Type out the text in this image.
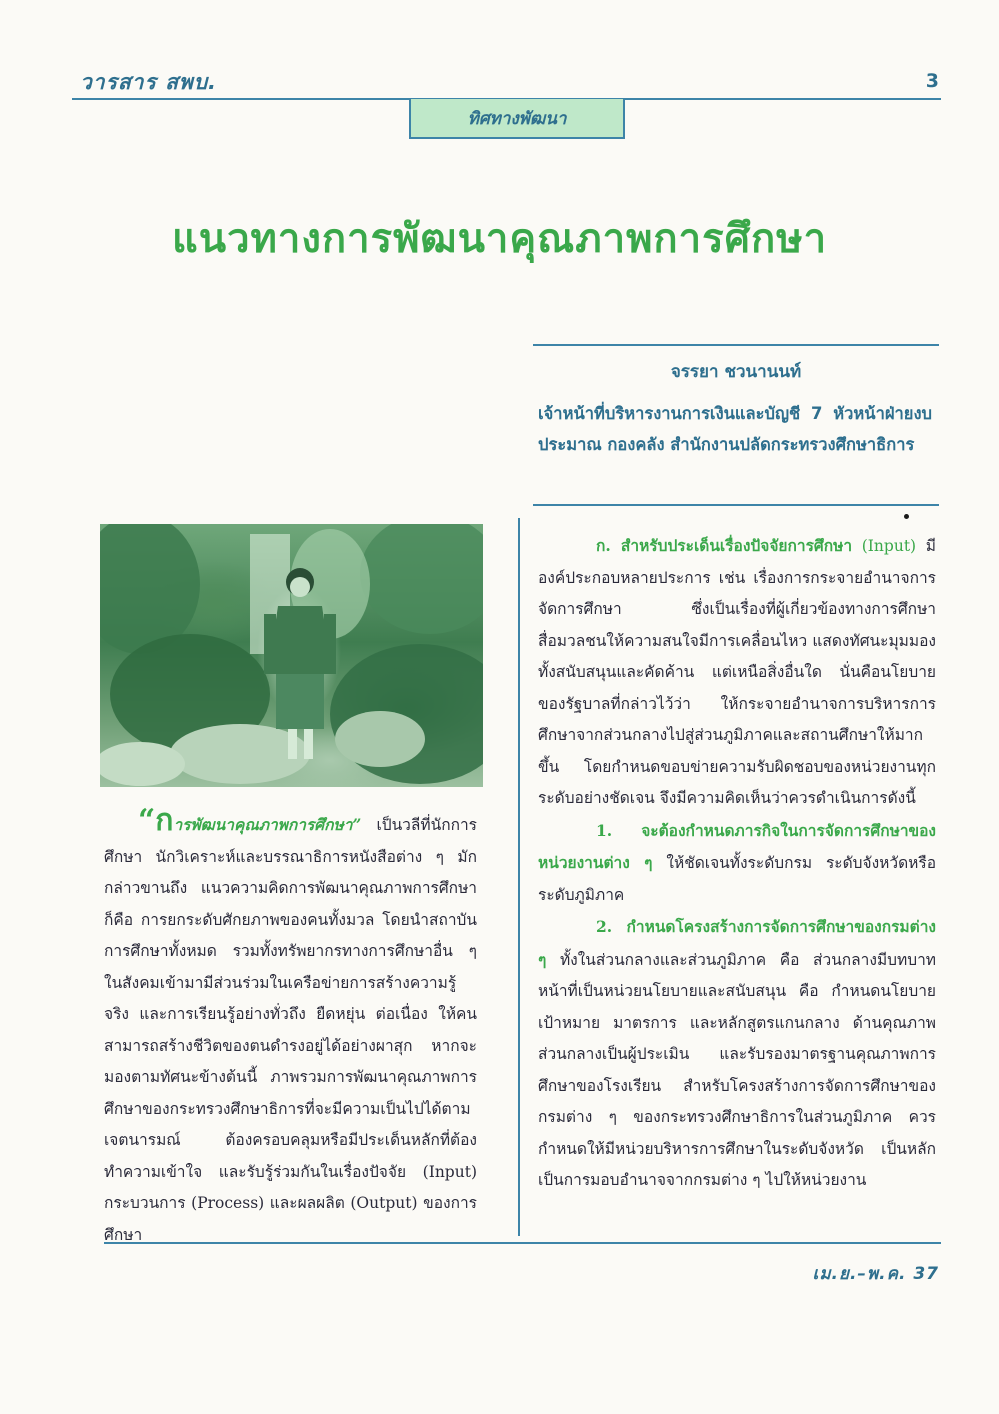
วารสาร สพบ.	3
ทิศทางพัฒนา
แนวทางการพัฒนาคุณภาพการศึกษา
จรรยา ชวนานนท์
เจ้าหน้าที่บริหารงานการเงินและบัญชี 7 หัวหน้าฝ่ายงบประมาณ กองคลัง สำนักงานปลัดกระทรวงศึกษาธิการ
“การพัฒนาคุณภาพการศึกษา” เป็นวลีที่นักการศึกษา นักวิเคราะห์และบรรณาธิการหนังสือต่าง ๆ มักกล่าวขานถึง แนวความคิดการพัฒนาคุณภาพการศึกษา ก็คือ การยกระดับศักยภาพของคนทั้งมวล โดยนำสถาบันการศึกษาทั้งหมด รวมทั้งทรัพยากรทางการศึกษาอื่น ๆ ในสังคมเข้ามามีส่วนร่วมในเครือข่ายการสร้างความรู้จริง และการเรียนรู้อย่างทั่วถึง ยืดหยุ่น ต่อเนื่อง ให้คนสามารถสร้างชีวิตของตนดำรงอยู่ได้อย่างผาสุก หากจะมองตามทัศนะข้างต้นนี้ ภาพรวมการพัฒนาคุณภาพการศึกษาของกระทรวงศึกษาธิการที่จะมีความเป็นไปได้ตามเจตนารมณ์ ต้องครอบคลุมหรือมีประเด็นหลักที่ต้องทำความเข้าใจ และรับรู้ร่วมกันในเรื่องปัจจัย (Input) กระบวนการ (Process) และผลผลิต (Output) ของการศึกษา

ก. สำหรับประเด็นเรื่องปัจจัยการศึกษา (Input) มีองค์ประกอบหลายประการ เช่น เรื่องการกระจายอำนาจการจัดการศึกษา ซึ่งเป็นเรื่องที่ผู้เกี่ยวข้องทางการศึกษา สื่อมวลชนให้ความสนใจมีการเคลื่อนไหว แสดงทัศนะมุมมองทั้งสนับสนุนและคัดค้าน แต่เหนือสิ่งอื่นใด นั่นคือนโยบายของรัฐบาลที่กล่าวไว้ว่า ให้กระจายอำนาจการบริหารการศึกษาจากส่วนกลางไปสู่ส่วนภูมิภาคและสถานศึกษาให้มากขึ้น โดยกำหนดขอบข่ายความรับผิดชอบของหน่วยงานทุกระดับอย่างชัดเจน จึงมีความคิดเห็นว่าควรดำเนินการดังนี้

1. จะต้องกำหนดภารกิจในการจัดการศึกษาของหน่วยงานต่าง ๆ ให้ชัดเจนทั้งระดับกรม ระดับจังหวัดหรือระดับภูมิภาค

2. กำหนดโครงสร้างการจัดการศึกษาของกรมต่าง ๆ ทั้งในส่วนกลางและส่วนภูมิภาค คือ ส่วนกลางมีบทบาทหน้าที่เป็นหน่วยนโยบายและสนับสนุน คือ กำหนดนโยบาย เป้าหมาย มาตรการ และหลักสูตรแกนกลาง ด้านคุณภาพส่วนกลางเป็นผู้ประเมิน และรับรองมาตรฐานคุณภาพการศึกษาของโรงเรียน สำหรับโครงสร้างการจัดการศึกษาของกรมต่าง ๆ ของกระทรวงศึกษาธิการในส่วนภูมิภาค ควรกำหนดให้มีหน่วยบริหารการศึกษาในระดับจังหวัด เป็นหลักเป็นการมอบอำนาจจากกรมต่าง ๆ ไปให้หน่วยงาน

เม.ย.–พ.ค. 37
